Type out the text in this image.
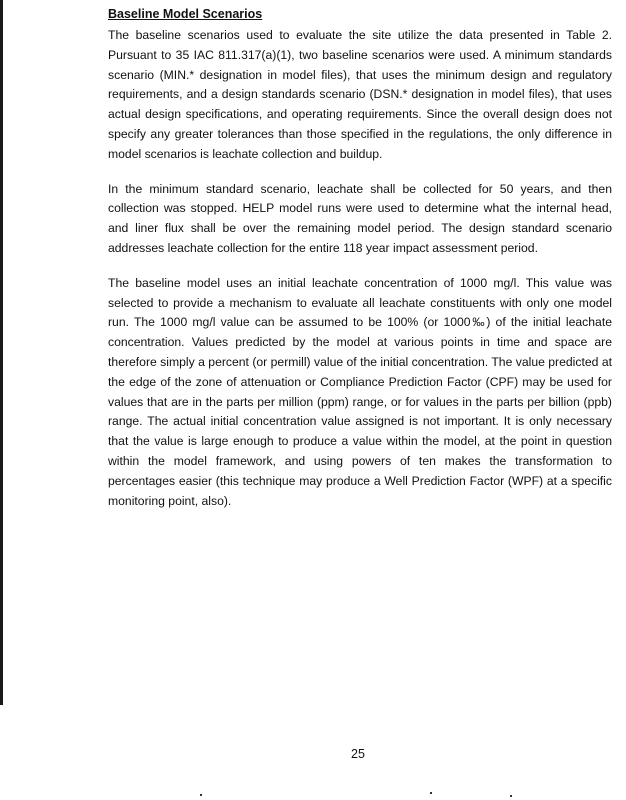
Baseline Model Scenarios

The baseline scenarios used to evaluate the site utilize the data presented in Table 2. Pursuant to 35 IAC 811.317(a)(1), two baseline scenarios were used. A minimum standards scenario (MIN.* designation in model files), that uses the minimum design and regulatory requirements, and a design standards scenario (DSN.* designation in model files), that uses actual design specifications, and operating requirements. Since the overall design does not specify any greater tolerances than those specified in the regulations, the only difference in model scenarios is leachate collection and buildup.

In the minimum standard scenario, leachate shall be collected for 50 years, and then collection was stopped. HELP model runs were used to determine what the internal head, and liner flux shall be over the remaining model period. The design standard scenario addresses leachate collection for the entire 118 year impact assessment period.

The baseline model uses an initial leachate concentration of 1000 mg/l. This value was selected to provide a mechanism to evaluate all leachate constituents with only one model run. The 1000 mg/l value can be assumed to be 100% (or 1000‰) of the initial leachate concentration. Values predicted by the model at various points in time and space are therefore simply a percent (or permill) value of the initial concentration. The value predicted at the edge of the zone of attenuation or Compliance Prediction Factor (CPF) may be used for values that are in the parts per million (ppm) range, or for values in the parts per billion (ppb) range. The actual initial concentration value assigned is not important. It is only necessary that the value is large enough to produce a value within the model, at the point in question within the model framework, and using powers of ten makes the transformation to percentages easier (this technique may produce a Well Prediction Factor (WPF) at a specific monitoring point, also).

25
